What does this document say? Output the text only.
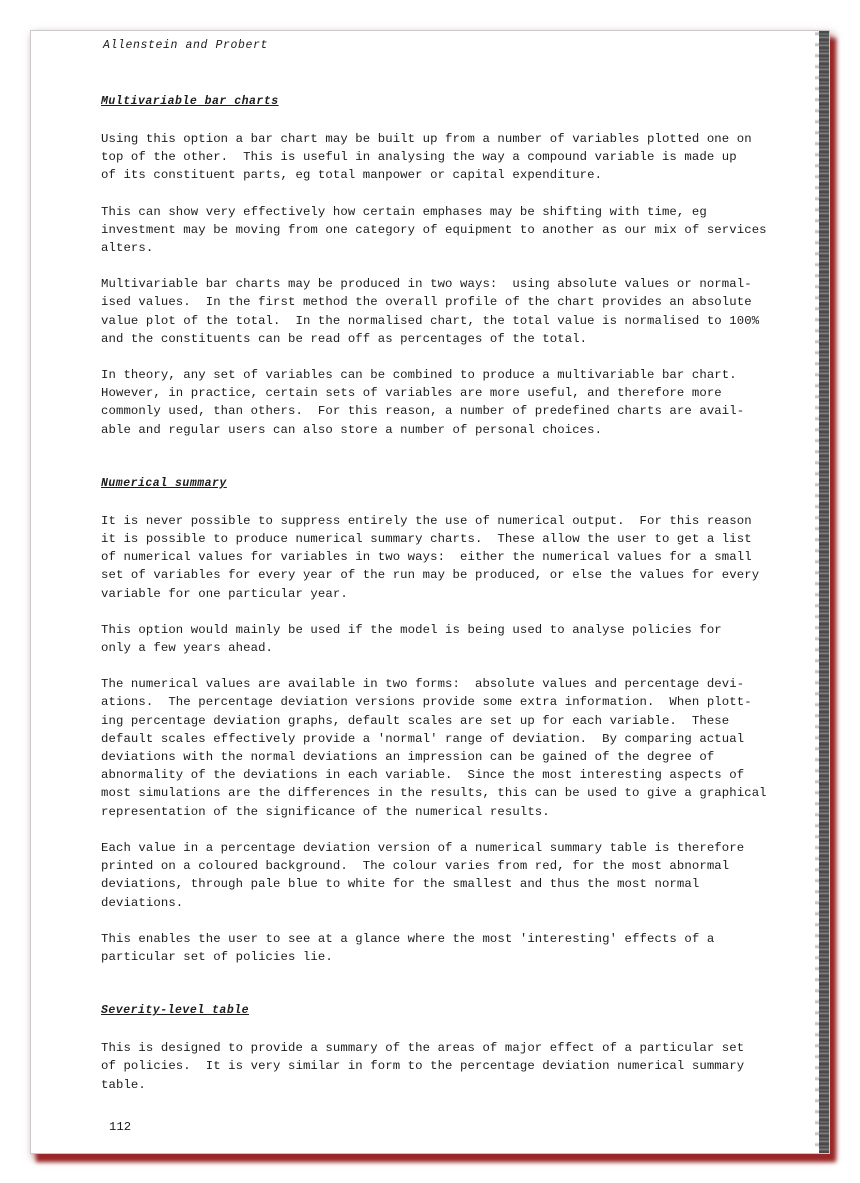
Allenstein and Probert
Multivariable bar charts

Using this option a bar chart may be built up from a number of variables plotted one on
top of the other.  This is useful in analysing the way a compound variable is made up
of its constituent parts, eg total manpower or capital expenditure.

This can show very effectively how certain emphases may be shifting with time, eg
investment may be moving from one category of equipment to another as our mix of services
alters.

Multivariable bar charts may be produced in two ways:  using absolute values or normal-
ised values.  In the first method the overall profile of the chart provides an absolute
value plot of the total.  In the normalised chart, the total value is normalised to 100%
and the constituents can be read off as percentages of the total.

In theory, any set of variables can be combined to produce a multivariable bar chart.
However, in practice, certain sets of variables are more useful, and therefore more
commonly used, than others.  For this reason, a number of predefined charts are avail-
able and regular users can also store a number of personal choices.

Numerical summary

It is never possible to suppress entirely the use of numerical output.  For this reason
it is possible to produce numerical summary charts.  These allow the user to get a list
of numerical values for variables in two ways:  either the numerical values for a small
set of variables for every year of the run may be produced, or else the values for every
variable for one particular year.

This option would mainly be used if the model is being used to analyse policies for
only a few years ahead.

The numerical values are available in two forms:  absolute values and percentage devi-
ations.  The percentage deviation versions provide some extra information.  When plott-
ing percentage deviation graphs, default scales are set up for each variable.  These
default scales effectively provide a 'normal' range of deviation.  By comparing actual
deviations with the normal deviations an impression can be gained of the degree of
abnormality of the deviations in each variable.  Since the most interesting aspects of
most simulations are the differences in the results, this can be used to give a graphical
representation of the significance of the numerical results.

Each value in a percentage deviation version of a numerical summary table is therefore
printed on a coloured background.  The colour varies from red, for the most abnormal
deviations, through pale blue to white for the smallest and thus the most normal
deviations.

This enables the user to see at a glance where the most 'interesting' effects of a
particular set of policies lie.

Severity-level table

This is designed to provide a summary of the areas of major effect of a particular set
of policies.  It is very similar in form to the percentage deviation numerical summary
table.

112
